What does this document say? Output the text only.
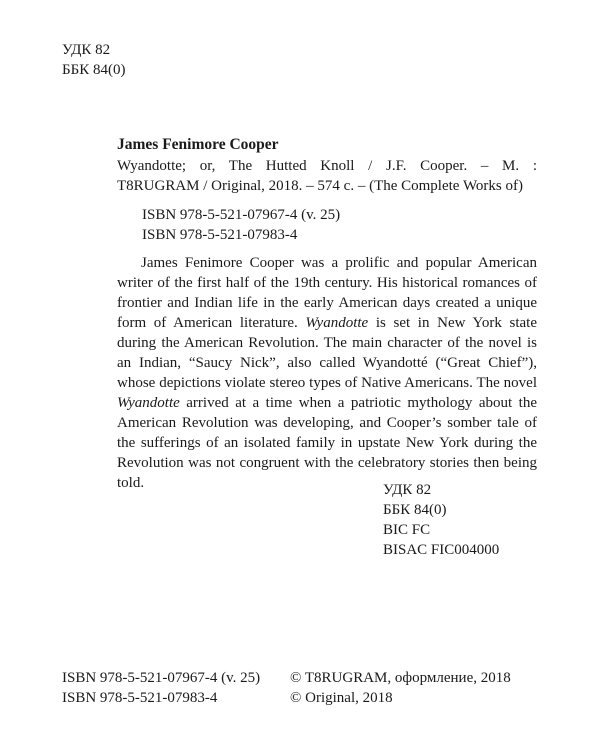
УДК 82
ББК 84(0)
James Fenimore Cooper
Wyandotte; or, The Hutted Knoll / J.F. Cooper. – M. :
T8RUGRAM / Original, 2018. – 574 с. – (The Complete Works of)
ISBN 978-5-521-07967-4 (v. 25)
ISBN 978-5-521-07983-4

James Fenimore Cooper was a prolific and popular American writer of the first half of the 19th century. His historical romances of frontier and Indian life in the early American days created a unique form of American literature. Wyandotte is set in New York state during the American Revolution. The main character of the novel is an Indian, “Saucy Nick”, also called Wyandotté (“Great Chief”), whose depictions violate stereo types of Native Americans. The novel Wyandotte arrived at a time when a patriotic mythology about the American Revolution was developing, and Cooper’s somber tale of the sufferings of an isolated family in upstate New York during the Revolution was not congruent with the celebratory stories then being told.	УДК 82
ББК 84(0)
BIC FC
BISAC FIC004000
ISBN 978-5-521-07967-4 (v. 25)
ISBN 978-5-521-07983-4
© T8RUGRAM, оформление, 2018
© Original, 2018
